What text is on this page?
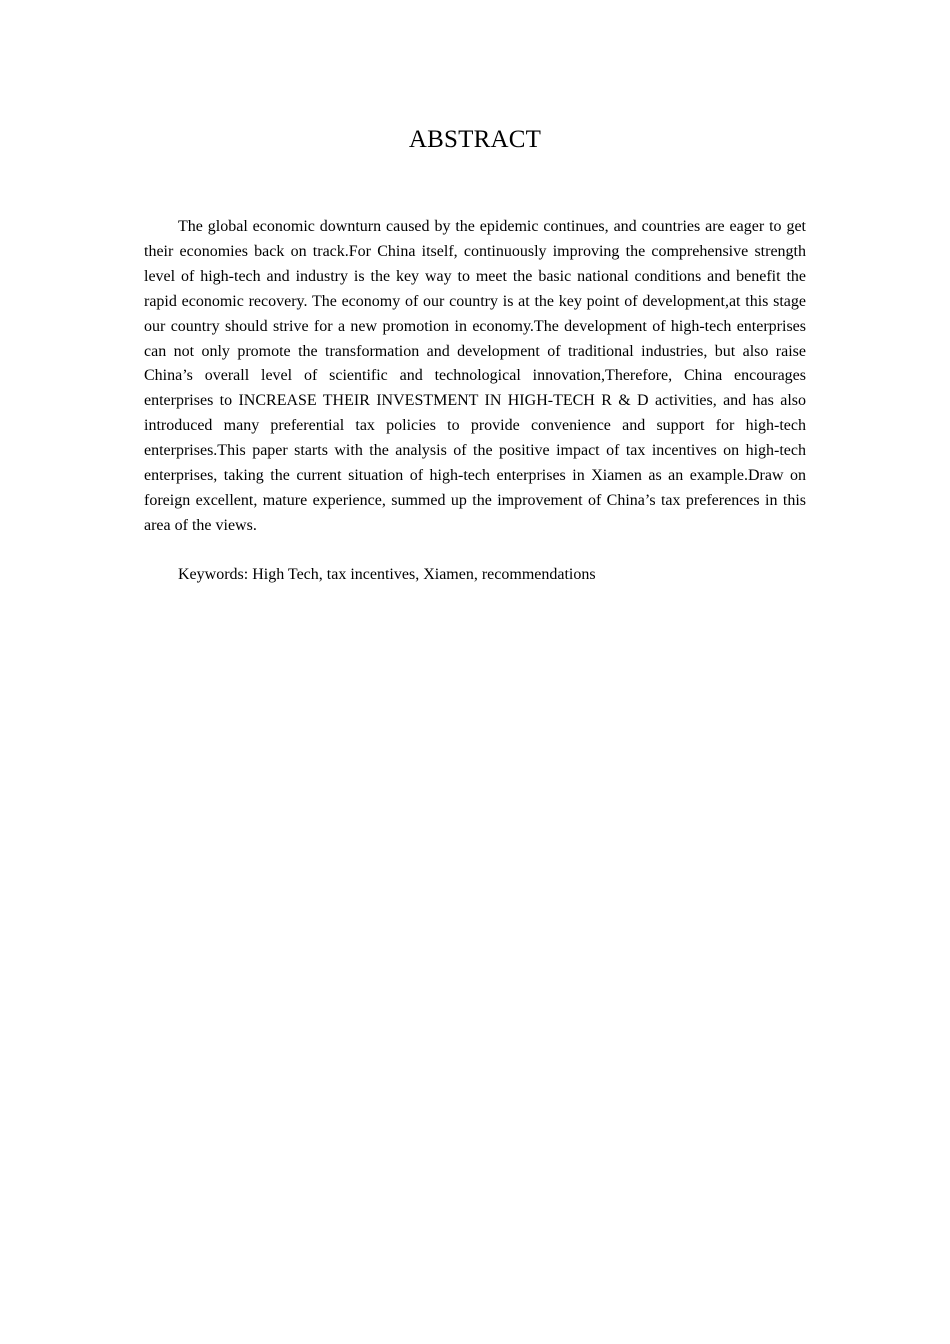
ABSTRACT

The global economic downturn caused by the epidemic continues, and countries are eager to get their economies back on track.For China itself, continuously improving the comprehensive strength level of high-tech and industry is the key way to meet the basic national conditions and benefit the rapid economic recovery. The economy of our country is at the key point of development,at this stage our country should strive for a new promotion in economy.The development of high-tech enterprises can not only promote the transformation and development of traditional industries, but also raise China’s overall level of scientific and technological innovation,Therefore, China encourages enterprises to INCREASE THEIR INVESTMENT IN HIGH-TECH R & D activities, and has also introduced many preferential tax policies to provide convenience and support for high-tech enterprises.This paper starts with the analysis of the positive impact of tax incentives on high-tech enterprises, taking the current situation of high-tech enterprises in Xiamen as an example.Draw on foreign excellent, mature experience, summed up the improvement of China’s tax preferences in this area of the views.

Keywords: High Tech, tax incentives, Xiamen, recommendations
